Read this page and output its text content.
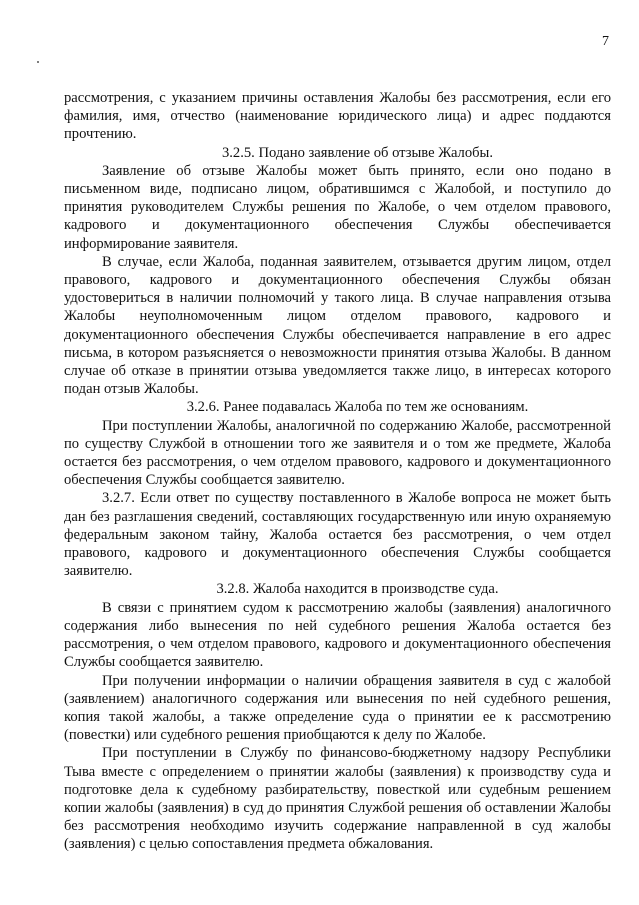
7

рассмотрения, с указанием причины оставления Жалобы без рассмотрения, если его фамилия, имя, отчество (наименование юридического лица) и адрес поддаются прочтению.

3.2.5. Подано заявление об отзыве Жалобы.

Заявление об отзыве Жалобы может быть принято, если оно подано в письменном виде, подписано лицом, обратившимся с Жалобой, и поступило до принятия руководителем Службы решения по Жалобе, о чем отделом правового, кадрового и документационного обеспечения Службы обеспечивается информирование заявителя.

В случае, если Жалоба, поданная заявителем, отзывается другим лицом, отдел правового, кадрового и документационного обеспечения Службы обязан удостовериться в наличии полномочий у такого лица. В случае направления отзыва Жалобы неуполномоченным лицом отделом правового, кадрового и документационного обеспечения Службы обеспечивается направление в его адрес письма, в котором разъясняется о невозможности принятия отзыва Жалобы. В данном случае об отказе в принятии отзыва уведомляется также лицо, в интересах которого подан отзыв Жалобы.

3.2.6. Ранее подавалась Жалоба по тем же основаниям.

При поступлении Жалобы, аналогичной по содержанию Жалобе, рассмотренной по существу Службой в отношении того же заявителя и о том же предмете, Жалоба остается без рассмотрения, о чем отделом правового, кадрового и документационного обеспечения Службы сообщается заявителю.

3.2.7. Если ответ по существу поставленного в Жалобе вопроса не может быть дан без разглашения сведений, составляющих государственную или иную охраняемую федеральным законом тайну, Жалоба остается без рассмотрения, о чем отдел правового, кадрового и документационного обеспечения Службы сообщается заявителю.

3.2.8. Жалоба находится в производстве суда.

В связи с принятием судом к рассмотрению жалобы (заявления) аналогичного содержания либо вынесения по ней судебного решения Жалоба остается без рассмотрения, о чем отделом правового, кадрового и документационного обеспечения Службы сообщается заявителю.

При получении информации о наличии обращения заявителя в суд с жалобой (заявлением) аналогичного содержания или вынесения по ней судебного решения, копия такой жалобы, а также определение суда о принятии ее к рассмотрению (повестки) или судебного решения приобщаются к делу по Жалобе.

При поступлении в Службу по финансово-бюджетному надзору Республики Тыва вместе с определением о принятии жалобы (заявления) к производству суда и подготовке дела к судебному разбирательству, повесткой или судебным решением копии жалобы (заявления) в суд до принятия Службой решения об оставлении Жалобы без рассмотрения необходимо изучить содержание направленной в суд жалобы (заявления) с целью сопоставления предмета обжалования.
